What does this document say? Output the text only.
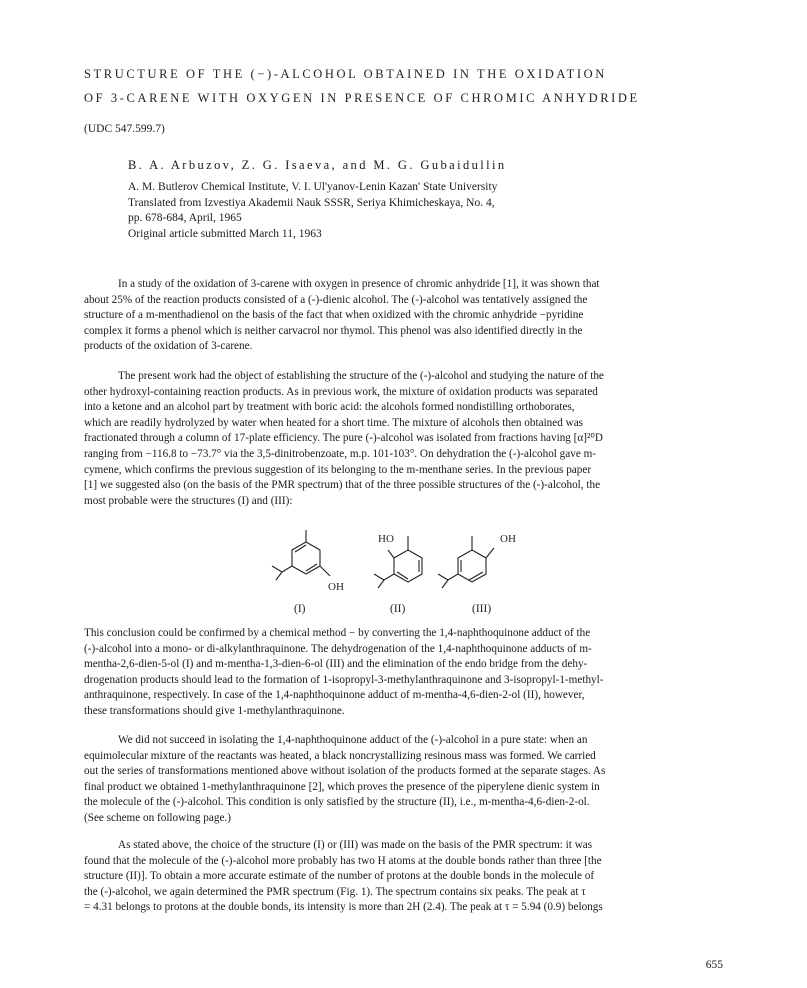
STRUCTURE OF THE (−)-ALCOHOL OBTAINED IN THE OXIDATION
OF 3-CARENE WITH OXYGEN IN PRESENCE OF CHROMIC ANHYDRIDE
(UDC 547.599.7)
B. A. Arbuzov, Z. G. Isaeva, and M. G. Gubaidullin
A. M. Butlerov Chemical Institute, V. I. Ul'yanov-Lenin Kazan' State University
Translated from Izvestiya Akademii Nauk SSSR, Seriya Khimicheskaya, No. 4,
pp. 678-684, April, 1965
Original article submitted March 11, 1963
In a study of the oxidation of 3-carene with oxygen in presence of chromic anhydride [1], it was shown that
about 25% of the reaction products consisted of a (-)-dienic alcohol. The (-)-alcohol was tentatively assigned the
structure of a m-menthadienol on the basis of the fact that when oxidized with the chromic anhydride −pyridine
complex it forms a phenol which is neither carvacrol nor thymol. This phenol was also identified directly in the
products of the oxidation of 3-carene.
The present work had the object of establishing the structure of the (-)-alcohol and studying the nature of the
other hydroxyl-containing reaction products. As in previous work, the mixture of oxidation products was separated
into a ketone and an alcohol part by treatment with boric acid: the alcohols formed nondistilling orthoborates,
which are readily hydrolyzed by water when heated for a short time. The mixture of alcohols then obtained was
fractionated through a column of 17-plate efficiency. The pure (-)-alcohol was isolated from fractions having [α]²⁰D
ranging from −116.8 to −73.7° via the 3,5-dinitrobenzoate, m.p. 101-103°. On dehydration the (-)-alcohol gave m-
cymene, which confirms the previous suggestion of its belonging to the m-menthane series. In the previous paper
[1] we suggested also (on the basis of the PMR spectrum) that of the three possible structures of the (-)-alcohol, the
most probable were the structures (I) and (III):
OH
HO	OH
(I)	(II)	(III)
This conclusion could be confirmed by a chemical method − by converting the 1,4-naphthoquinone adduct of the
(-)-alcohol into a mono- or di-alkylanthraquinone. The dehydrogenation of the 1,4-naphthoquinone adducts of m-
mentha-2,6-dien-5-ol (I) and m-mentha-1,3-dien-6-ol (III) and the elimination of the endo bridge from the dehy-
drogenation products should lead to the formation of 1-isopropyl-3-methylanthraquinone and 3-isopropyl-1-methyl-
anthraquinone, respectively. In case of the 1,4-naphthoquinone adduct of m-mentha-4,6-dien-2-ol (II), however,
these transformations should give 1-methylanthraquinone.
We did not succeed in isolating the 1,4-naphthoquinone adduct of the (-)-alcohol in a pure state: when an
equimolecular mixture of the reactants was heated, a black noncrystallizing resinous mass was formed. We carried
out the series of transformations mentioned above without isolation of the products formed at the separate stages. As
final product we obtained 1-methylanthraquinone [2], which proves the presence of the piperylene dienic system in
the molecule of the (-)-alcohol. This condition is only satisfied by the structure (II), i.e., m-mentha-4,6-dien-2-ol.
(See scheme on following page.)
As stated above, the choice of the structure (I) or (III) was made on the basis of the PMR spectrum: it was
found that the molecule of the (-)-alcohol more probably has two H atoms at the double bonds rather than three [the
structure (II)]. To obtain a more accurate estimate of the number of protons at the double bonds in the molecule of
the (-)-alcohol, we again determined the PMR spectrum (Fig. 1). The spectrum contains six peaks. The peak at τ
= 4.31 belongs to protons at the double bonds, its intensity is more than 2H (2.4). The peak at τ = 5.94 (0.9) belongs
655
